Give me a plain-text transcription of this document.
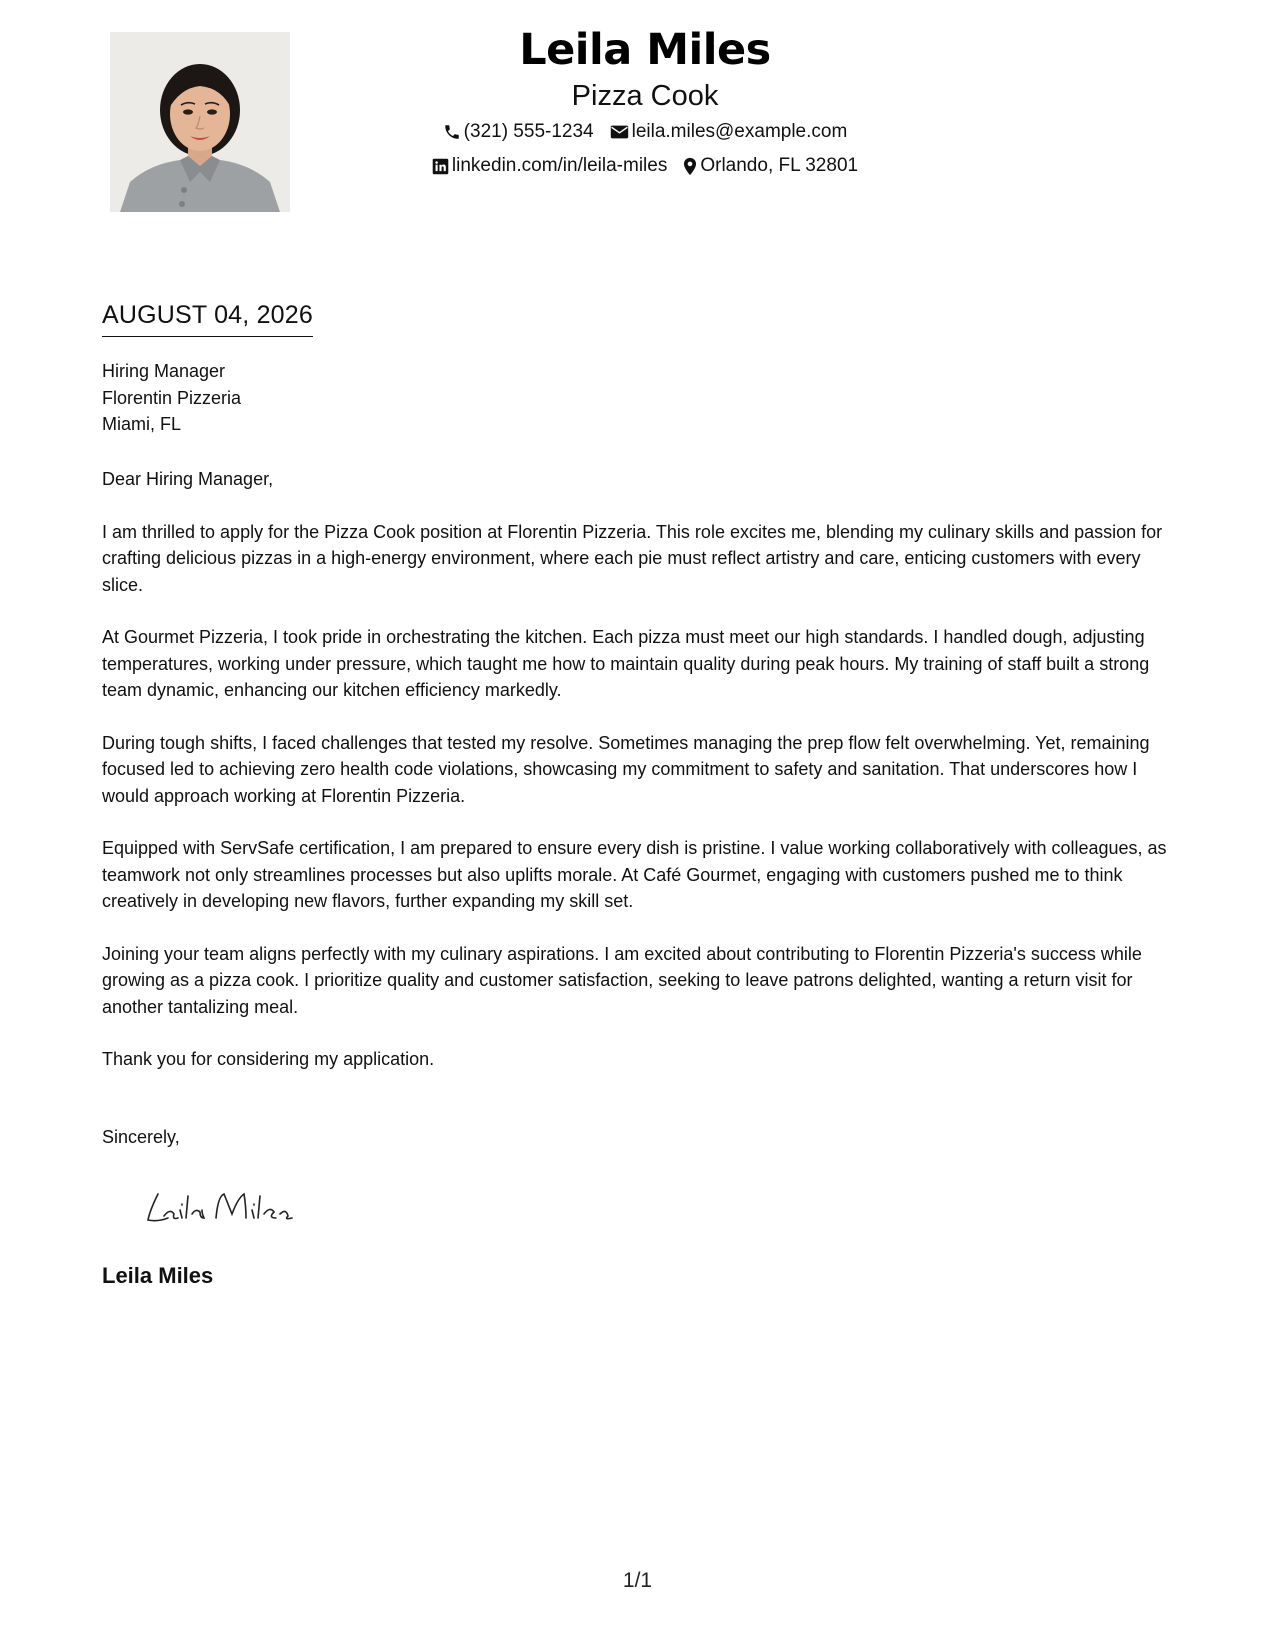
Leila Miles
Pizza Cook
(321) 555-1234 leila.miles@example.com
linkedin.com/in/leila-miles Orlando, FL 32801
AUGUST 04, 2026
Hiring Manager
Florentin Pizzeria
Miami, FL

Dear Hiring Manager,

I am thrilled to apply for the Pizza Cook position at Florentin Pizzeria. This role excites me, blending my culinary skills and passion for crafting delicious pizzas in a high-energy environment, where each pie must reflect artistry and care, enticing customers with every slice.

At Gourmet Pizzeria, I took pride in orchestrating the kitchen. Each pizza must meet our high standards. I handled dough, adjusting temperatures, working under pressure, which taught me how to maintain quality during peak hours. My training of staff built a strong team dynamic, enhancing our kitchen efficiency markedly.

During tough shifts, I faced challenges that tested my resolve. Sometimes managing the prep flow felt overwhelming. Yet, remaining focused led to achieving zero health code violations, showcasing my commitment to safety and sanitation. That underscores how I would approach working at Florentin Pizzeria.

Equipped with ServSafe certification, I am prepared to ensure every dish is pristine. I value working collaboratively with colleagues, as teamwork not only streamlines processes but also uplifts morale. At Café Gourmet, engaging with customers pushed me to think creatively in developing new flavors, further expanding my skill set.

Joining your team aligns perfectly with my culinary aspirations. I am excited about contributing to Florentin Pizzeria's success while growing as a pizza cook. I prioritize quality and customer satisfaction, seeking to leave patrons delighted, wanting a return visit for another tantalizing meal.

Thank you for considering my application.

Sincerely,
Leila Miles
1/1
